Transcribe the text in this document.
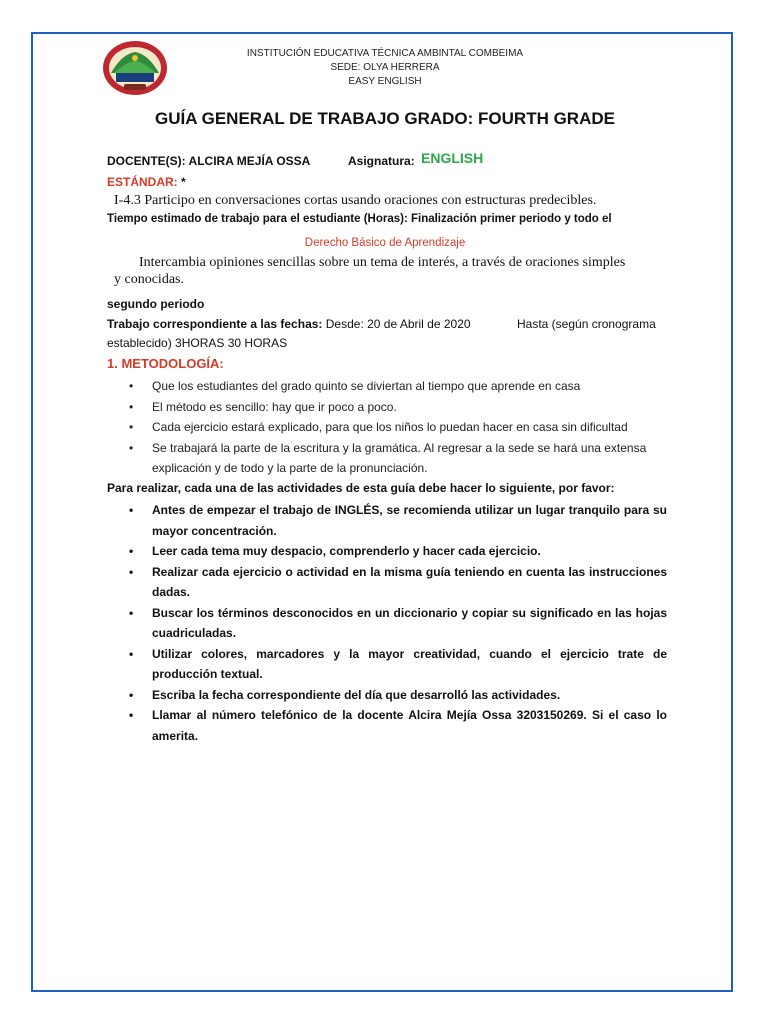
INSTITUCIÓN EDUCATIVA TÉCNICA AMBINTAL COMBEIMA
SEDE: OLYA HERRERA
EASY ENGLISH
GUÍA GENERAL DE TRABAJO GRADO: FOURTH GRADE
DOCENTE(S): ALCIRA MEJÍA OSSA	Asignatura: ENGLISH
ESTÁNDAR: *
I-4.3 Participo en conversaciones cortas usando oraciones con estructuras predecibles.
Tiempo estimado de trabajo para el estudiante (Horas): Finalización primer periodo y todo el
Derecho Básico de Aprendizaje
Intercambia opiniones sencillas sobre un tema de interés, a través de oraciones simples
y conocidas.
segundo periodo
Trabajo correspondiente a las fechas: Desde: 20 de Abril de 2020	Hasta (según cronograma
establecido) 3HORAS 30 HORAS
1. METODOLOGÍA:
• Que los estudiantes del grado quinto se diviertan al tiempo que aprende en casa
• El método es sencillo: hay que ir poco a poco.
• Cada ejercicio estará explicado, para que los niños lo puedan hacer en casa sin dificultad
• Se trabajará la parte de la escritura y la gramática. Al regresar a la sede se hará una extensa explicación y de todo y la parte de la pronunciación.
Para realizar, cada una de las actividades de esta guía debe hacer lo siguiente, por favor:
• Antes de empezar el trabajo de INGLÉS, se recomienda utilizar un lugar tranquilo para su mayor concentración.
• Leer cada tema muy despacio, comprenderlo y hacer cada ejercicio.
• Realizar cada ejercicio o actividad en la misma guía teniendo en cuenta las instrucciones dadas.
• Buscar los términos desconocidos en un diccionario y copiar su significado en las hojas cuadriculadas.
• Utilizar colores, marcadores y la mayor creatividad, cuando el ejercicio trate de producción textual.
• Escriba la fecha correspondiente del día que desarrolló las actividades.
• Llamar al número telefónico de la docente Alcira Mejía Ossa 3203150269. Si el caso lo amerita.
